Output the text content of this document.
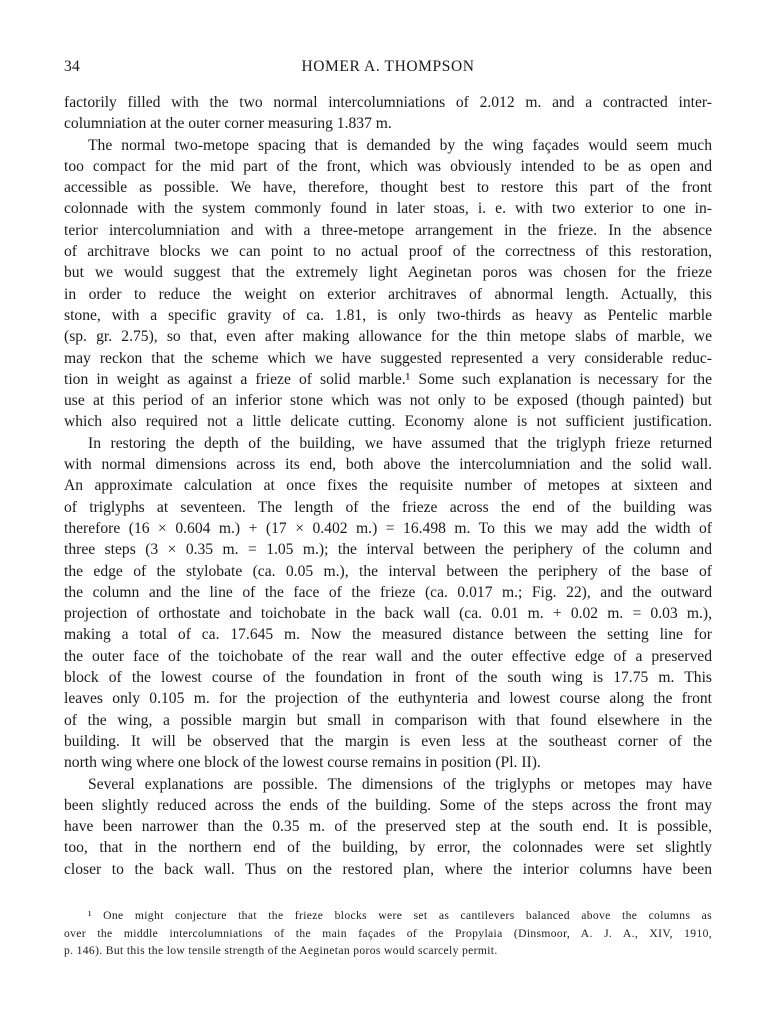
34	HOMER A. THOMPSON

factorily filled with the two normal intercolumniations of 2.012 m. and a contracted inter-
columniation at the outer corner measuring 1.837 m.

The normal two-metope spacing that is demanded by the wing façades would seem much
too compact for the mid part of the front, which was obviously intended to be as open and
accessible as possible. We have, therefore, thought best to restore this part of the front
colonnade with the system commonly found in later stoas, i. e. with two exterior to one in-
terior intercolumniation and with a three-metope arrangement in the frieze. In the absence
of architrave blocks we can point to no actual proof of the correctness of this restoration,
but we would suggest that the extremely light Aeginetan poros was chosen for the frieze
in order to reduce the weight on exterior architraves of abnormal length. Actually, this
stone, with a specific gravity of ca. 1.81, is only two-thirds as heavy as Pentelic marble
(sp. gr. 2.75), so that, even after making allowance for the thin metope slabs of marble, we
may reckon that the scheme which we have suggested represented a very considerable reduc-
tion in weight as against a frieze of solid marble.¹ Some such explanation is necessary for the
use at this period of an inferior stone which was not only to be exposed (though painted) but
which also required not a little delicate cutting. Economy alone is not sufficient justification.

In restoring the depth of the building, we have assumed that the triglyph frieze returned
with normal dimensions across its end, both above the intercolumniation and the solid wall.
An approximate calculation at once fixes the requisite number of metopes at sixteen and
of triglyphs at seventeen. The length of the frieze across the end of the building was
therefore (16 × 0.604 m.) + (17 × 0.402 m.) = 16.498 m. To this we may add the width of
three steps (3 × 0.35 m. = 1.05 m.); the interval between the periphery of the column and
the edge of the stylobate (ca. 0.05 m.), the interval between the periphery of the base of
the column and the line of the face of the frieze (ca. 0.017 m.; Fig. 22), and the outward
projection of orthostate and toichobate in the back wall (ca. 0.01 m. + 0.02 m. = 0.03 m.),
making a total of ca. 17.645 m. Now the measured distance between the setting line for
the outer face of the toichobate of the rear wall and the outer effective edge of a preserved
block of the lowest course of the foundation in front of the south wing is 17.75 m. This
leaves only 0.105 m. for the projection of the euthynteria and lowest course along the front
of the wing, a possible margin but small in comparison with that found elsewhere in the
building. It will be observed that the margin is even less at the southeast corner of the
north wing where one block of the lowest course remains in position (Pl. II).

Several explanations are possible. The dimensions of the triglyphs or metopes may have
been slightly reduced across the ends of the building. Some of the steps across the front may
have been narrower than the 0.35 m. of the preserved step at the south end. It is possible,
too, that in the northern end of the building, by error, the colonnades were set slightly
closer to the back wall. Thus on the restored plan, where the interior columns have been

¹ One might conjecture that the frieze blocks were set as cantilevers balanced above the columns as
over the middle intercolumniations of the main façades of the Propylaia (Dinsmoor, A. J. A., XIV, 1910,
p. 146). But this the low tensile strength of the Aeginetan poros would scarcely permit.
